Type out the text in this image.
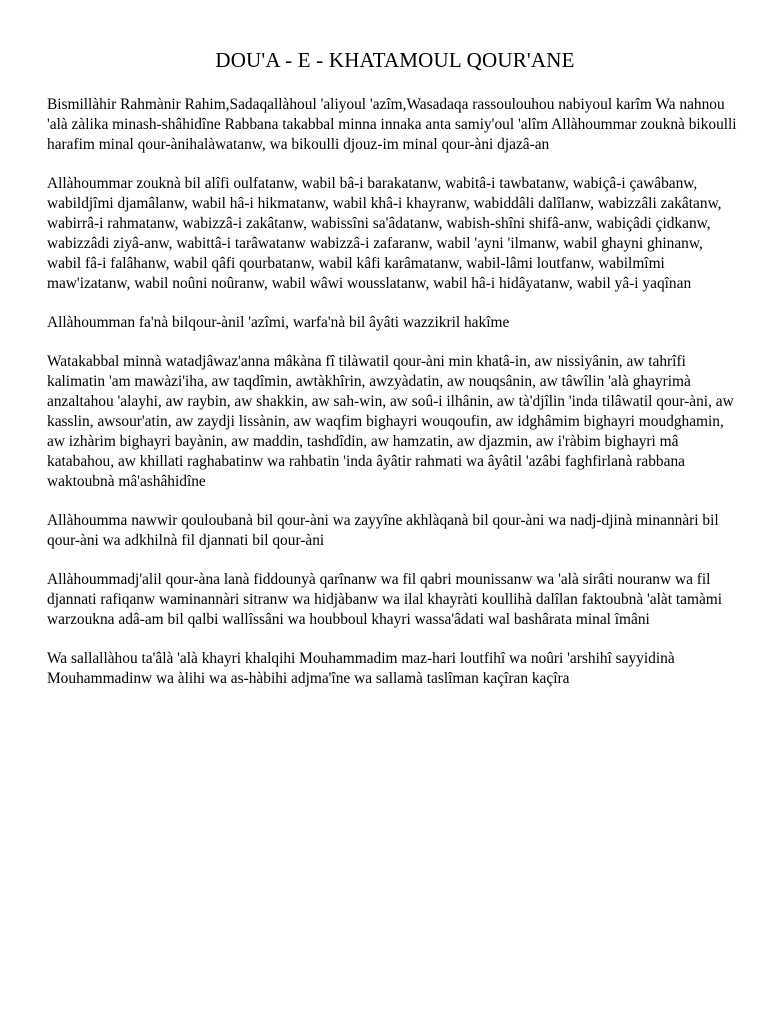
DOU'A - E - KHATAMOUL QOUR'ANE

Bismillàhir Rahmànir Rahim,Sadaqallàhoul 'aliyoul 'azîm,Wasadaqa rassoulouhou nabiyoul karîm Wa nahnou 'alà zàlika minash-shâhidîne Rabbana takabbal minna innaka anta samiy'oul 'alîm Allàhoummar zouknà bikoulli harafim minal qour-ànihalàwatanw, wa bikoulli djouz-im minal qour-àni djazâ-an

Allàhoummar zouknà bil alîfi oulfatanw, wabil bâ-i barakatanw, wabitâ-i tawbatanw, wabiçâ-i çawâbanw, wabildjîmi djamâlanw, wabil hâ-i hikmatanw, wabil khâ-i khayranw, wabiddâli dalîlanw, wabizzâli zakâtanw, wabirrâ-i rahmatanw, wabizzâ-i zakâtanw, wabissîni sa'âdatanw, wabish-shîni shifâ-anw, wabiçâdi çidkanw, wabizzâdi ziyâ-anw, wabittâ-i tarâwatanw wabizzâ-i zafaranw, wabil 'ayni 'ilmanw, wabil ghayni ghinanw, wabil fâ-i falâhanw, wabil qâfi qourbatanw, wabil kâfi karâmatanw, wabil-lâmi loutfanw, wabilmîmi maw'izatanw, wabil noûni noûranw, wabil wâwi wousslatanw, wabil hâ-i hidâyatanw, wabil yâ-i yaqînan

Allàhoumman fa'nà bilqour-ànil 'azîmi, warfa'nà bil âyâti wazzikril hakîme

Watakabbal minnà watadjâwaz'anna mâkàna fî tilàwatil qour-àni min khatâ-in, aw nissiyânin, aw tahrîfi kalimatin 'am mawàzi'iha, aw taqdîmin, awtàkhîrin, awzyàdatin, aw nouqsânin, aw tâwîlin 'alà ghayrimà anzaltahou 'alayhi, aw raybin, aw shakkin, aw sah-win, aw soû-i ilhânin, aw tà'djîlin 'inda tilâwatil qour-àni, aw kasslin, awsour'atin, aw zaydji lissànin, aw waqfim bighayri wouqoufin, aw idghâmim bighayri moudghamin, aw izhàrim bighayri bayànin, aw maddin, tashdîdin, aw hamzatin, aw djazmin, aw i'ràbim bighayri mâ katabahou, aw khillati raghabatinw wa rahbatin 'inda âyâtir rahmati wa âyâtil 'azâbi faghfirlanà rabbana waktoubnà mâ'ashâhidîne

Allàhoumma nawwir qouloubanà bil qour-àni wa zayyîne akhlàqanà bil qour-àni wa nadj-djinà minannàri bil qour-àni wa adkhilnà fil djannati bil qour-àni

Allàhoummadj'alil qour-àna lanà fiddounyà qarînanw wa fil qabri mounissanw wa 'alà sirâti nouranw wa fil djannati rafiqanw waminannàri sitranw wa hidjàbanw wa ilal khayràti koullihà dalîlan faktoubnà 'alàt tamàmi warzoukna adâ-am bil qalbi wallîssâni wa houbboul khayri wassa'âdati wal bashârata minal îmâni

Wa sallallàhou ta'âlà 'alà khayri khalqihi Mouhammadim maz-hari loutfihî wa noûri 'arshihî sayyidinà Mouhammadinw wa àlihi wa as-hàbihi adjma'îne wa sallamà taslîman kaçîran kaçîra
